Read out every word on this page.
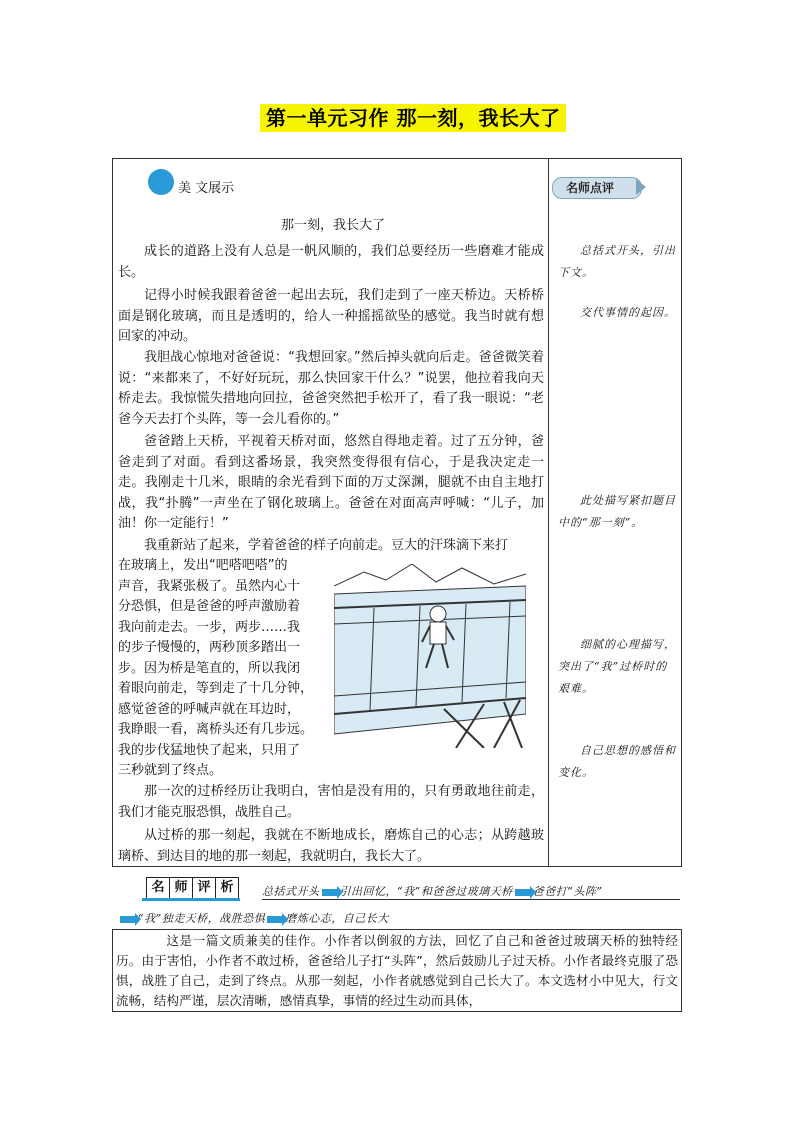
第一单元习作 那一刻，我长大了
美 文展示
那一刻，我长大了

成长的道路上没有人总是一帆风顺的，我们总要经历一些磨难才能成长。

记得小时候我跟着爸爸一起出去玩，我们走到了一座天桥边。天桥桥面是钢化玻璃，而且是透明的，给人一种摇摇欲坠的感觉。我当时就有想回家的冲动。

我胆战心惊地对爸爸说：“我想回家。”然后掉头就向后走。爸爸微笑着说：“来都来了，不好好玩玩，那么快回家干什么？”说罢，他拉着我向天桥走去。我惊慌失措地向回拉，爸爸突然把手松开了，看了我一眼说：“老爸今天去打个头阵，等一会儿看你的。”

爸爸踏上天桥，平视着天桥对面，悠然自得地走着。过了五分钟，爸爸走到了对面。看到这番场景，我突然变得很有信心，于是我决定走一走。我刚走十几米，眼睛的余光看到下面的万丈深渊，腿就不由自主地打战，我“扑腾”一声坐在了钢化玻璃上。爸爸在对面高声呼喊：“儿子，加油！你一定能行！”

我重新站了起来，学着爸爸的样子向前走。豆大的汗珠滴下来打

在玻璃上，发出“吧嗒吧嗒”的
声音，我紧张极了。虽然内心十
分恐惧，但是爸爸的呼声激励着
我向前走去。一步，两步……我
的步子慢慢的，两秒顶多踏出一
步。因为桥是笔直的，所以我闭
着眼向前走，等到走了十几分钟，
感觉爸爸的呼喊声就在耳边时，
我睁眼一看，离桥头还有几步远。
我的步伐猛地快了起来，只用了
三秒就到了终点。

那一次的过桥经历让我明白，害怕是没有用的，只有勇敢地往前走，我们才能克服恐惧，战胜自己。

从过桥的那一刻起，我就在不断地成长，磨炼自己的心志；从跨越玻璃桥、到达目的地的那一刻起，我就明白，我长大了。

名师点评
总括式开头，引出下文。
交代事情的起因。
此处描写紧扣题目中的“那一刻”。
细腻的心理描写，突出了“我”过桥时的艰难。
自己思想的感悟和变化。
名 师 评 析	总括式开头 引出回忆，“我”和爸爸过玻璃天桥 爸爸打“头阵”
“我”独走天桥，战胜恐惧 磨炼心志，自己长大

这是一篇文质兼美的佳作。小作者以倒叙的方法，回忆了自己和爸爸过玻璃天桥的独特经历。由于害怕，小作者不敢过桥，爸爸给儿子打“头阵”，然后鼓励儿子过天桥。小作者最终克服了恐惧，战胜了自己，走到了终点。从那一刻起，小作者就感觉到自己长大了。本文选材小中见大，行文流畅，结构严谨，层次清晰，感情真挚，事情的经过生动而具体，
